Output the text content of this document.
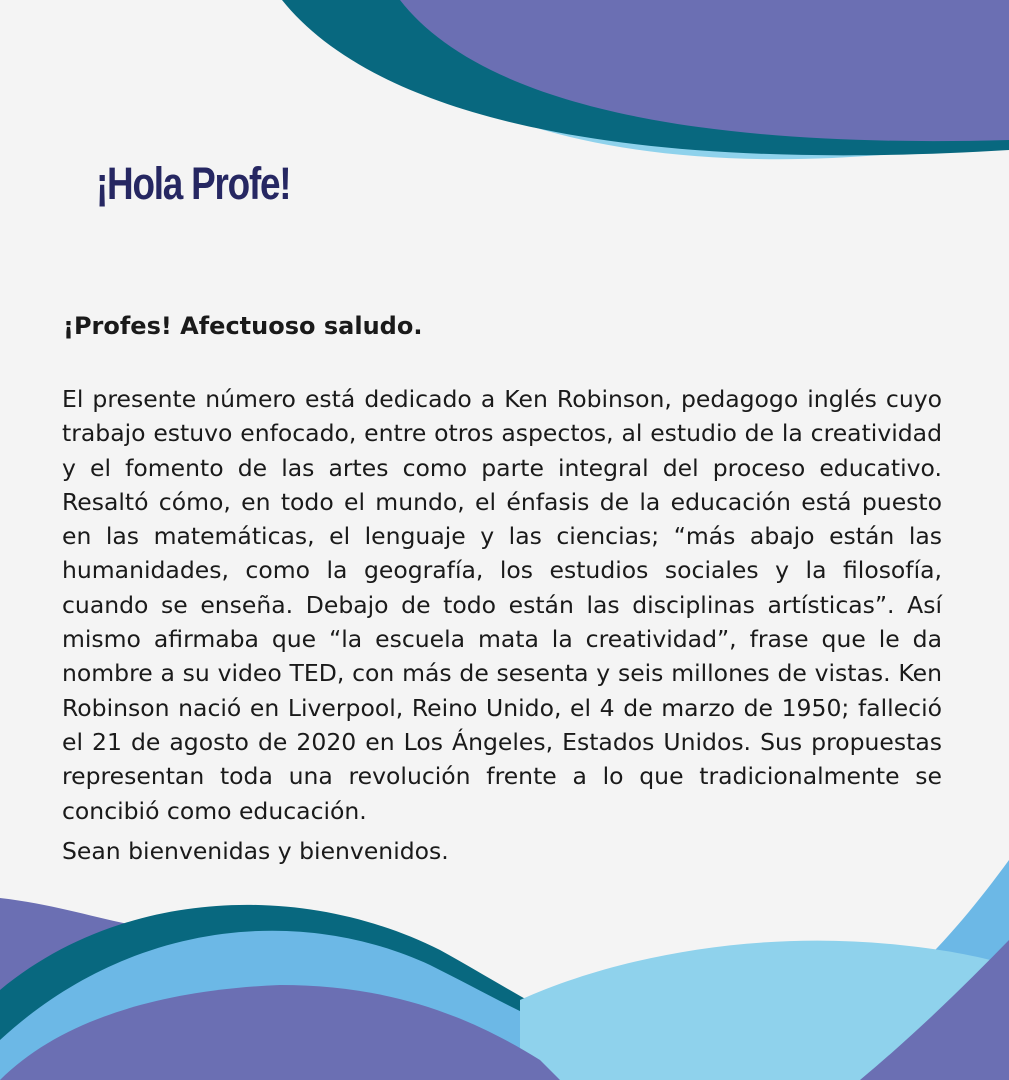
¡Hola Profe!
¡Profes! Afectuoso saludo.

El presente número está dedicado a Ken Robinson, pedagogo inglés cuyo trabajo estuvo enfocado, entre otros aspectos, al estudio de la creatividad y el fomento de las artes como parte integral del proceso educativo. Resaltó cómo, en todo el mundo, el énfasis de la educación está puesto en las matemáticas, el lenguaje y las ciencias; “más abajo están las humanidades, como la geografía, los estudios sociales y la filosofía, cuando se enseña. Debajo de todo están las disciplinas artísticas”. Así mismo afirmaba que “la escuela mata la creatividad”, frase que le da nombre a su video TED, con más de sesenta y seis millones de vistas. Ken Robinson nació en Liverpool, Reino Unido, el 4 de marzo de 1950; falleció el 21 de agosto de 2020 en Los Ángeles, Estados Unidos. Sus propuestas representan toda una revolución frente a lo que tradicionalmente se concibió como educación.

Sean bienvenidas y bienvenidos.
